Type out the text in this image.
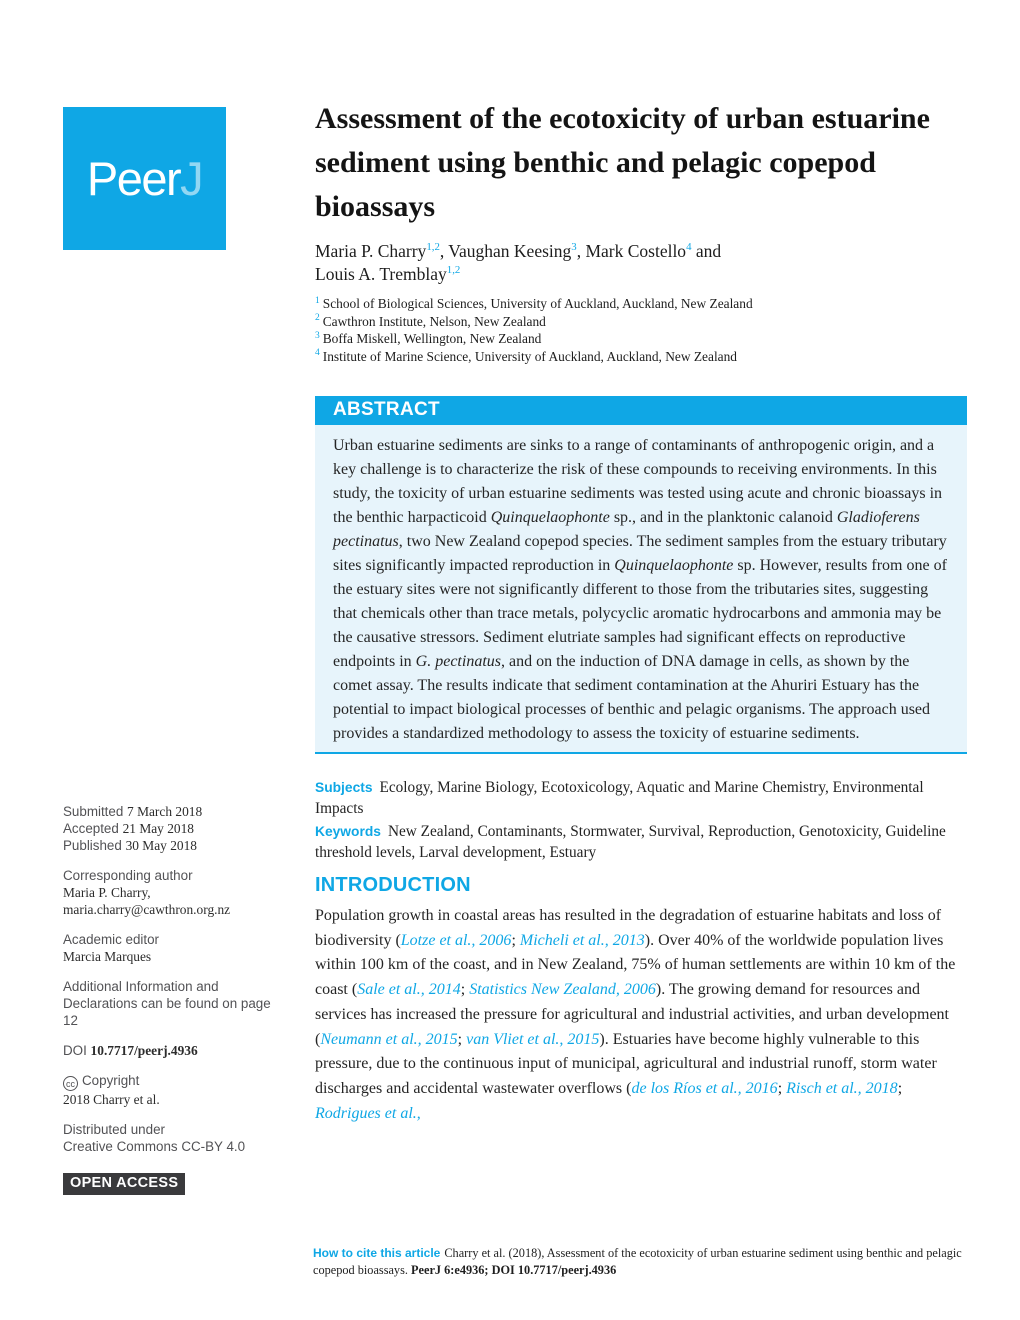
Peer J
Assessment of the ecotoxicity of urban estuarine sediment using benthic and pelagic copepod bioassays
Maria P. Charry$^{1,2}$, Vaughan Keesing$^3$, Mark Costello$^4$ and
Louis A. Tremblay$^{1,2}$
$^1$ School of Biological Sciences, University of Auckland, Auckland, New Zealand
$^2$ Cawthron Institute, Nelson, New Zealand
$^3$ Boffa Miskell, Wellington, New Zealand
$^4$ Institute of Marine Science, University of Auckland, Auckland, New Zealand
ABSTRACT
Urban estuarine sediments are sinks to a range of contaminants of anthropogenic origin, and a key challenge is to characterize the risk of these compounds to receiving environments. In this study, the toxicity of urban estuarine sediments was tested using acute and chronic bioassays in the benthic harpacticoid Quinquelaophonte sp., and in the planktonic calanoid Gladioferens pectinatus, two New Zealand copepod species. The sediment samples from the estuary tributary sites significantly impacted reproduction in Quinquelaophonte sp. However, results from one of the estuary sites were not significantly different to those from the tributaries sites, suggesting that chemicals other than trace metals, polycyclic aromatic hydrocarbons and ammonia may be the causative stressors. Sediment elutriate samples had significant effects on reproductive endpoints in G. pectinatus, and on the induction of DNA damage in cells, as shown by the comet assay. The results indicate that sediment contamination at the Ahuriri Estuary has the potential to impact biological processes of benthic and pelagic organisms. The approach used provides a standardized methodology to assess the toxicity of estuarine sediments.
Subjects Ecology, Marine Biology, Ecotoxicology, Aquatic and Marine Chemistry, Environmental Impacts
Keywords New Zealand, Contaminants, Stormwater, Survival, Reproduction, Genotoxicity, Guideline threshold levels, Larval development, Estuary
INTRODUCTION
Population growth in coastal areas has resulted in the degradation of estuarine habitats and loss of biodiversity (Lotze et al., 2006; Micheli et al., 2013). Over 40% of the worldwide population lives within 100 km of the coast, and in New Zealand, 75% of human settlements are within 10 km of the coast (Sale et al., 2014; Statistics New Zealand, 2006). The growing demand for resources and services has increased the pressure for agricultural and industrial activities, and urban development (Neumann et al., 2015; van Vliet et al., 2015). Estuaries have become highly vulnerable to this pressure, due to the continuous input of municipal, agricultural and industrial runoff, storm water discharges and accidental wastewater overflows (de los Ríos et al., 2016; Risch et al., 2018; Rodrigues et al.,
Submitted 7 March 2018
Accepted 21 May 2018
Published 30 May 2018
Corresponding author
Maria P. Charry,
maria.charry@cawthron.org.nz
Academic editor
Marcia Marques
Additional Information and Declarations can be found on page 12
DOI 10.7717/peerj.4936
cc Copyright
2018 Charry et al.
Distributed under
Creative Commons CC-BY 4.0
OPEN ACCESS
How to cite this article Charry et al. (2018), Assessment of the ecotoxicity of urban estuarine sediment using benthic and pelagic copepod bioassays. PeerJ 6:e4936; DOI 10.7717/peerj.4936
